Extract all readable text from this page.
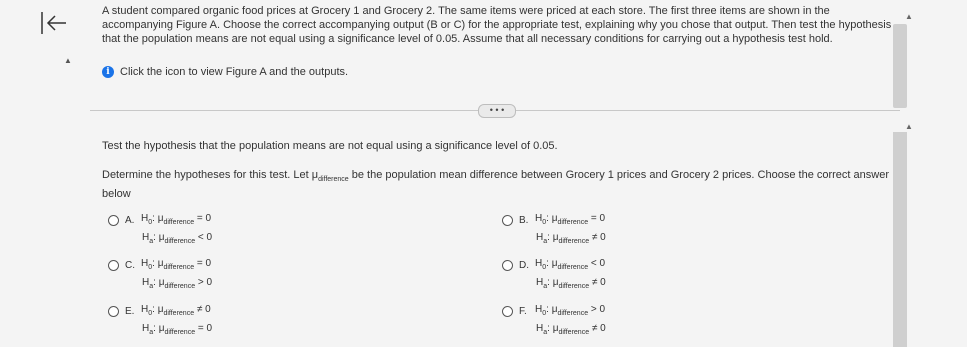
A student compared organic food prices at Grocery 1 and Grocery 2. The same items were priced at each store. The first three items are shown in the accompanying Figure A. Choose the correct accompanying output (B or C) for the appropriate test, explaining why you chose that output. Then test the hypothesis that the population means are not equal using a significance level of 0.05. Assume that all necessary conditions for carrying out a hypothesis test hold.
▲
▲
i Click the icon to view Figure A and the outputs.
• • •
▲
Test the hypothesis that the population means are not equal using a significance level of 0.05.
Determine the hypotheses for this test. Let $\mu_{difference}$ be the population mean difference between Grocery 1 prices and Grocery 2 prices. Choose the correct answer below
A. $H_0$: $\mu_{difference} = 0$
$H_a$: $\mu_{difference} < 0$
B. $H_0$: $\mu_{difference} = 0$
$H_a$: $\mu_{difference} \ne 0$
C. $H_0$: $\mu_{difference} = 0$
$H_a$: $\mu_{difference} > 0$
D. $H_0$: $\mu_{difference} < 0$
$H_a$: $\mu_{difference} \ne 0$
E. $H_0$: $\mu_{difference} \ne 0$
$H_a$: $\mu_{difference} = 0$
F. $H_0$: $\mu_{difference} > 0$
$H_a$: $\mu_{difference} \ne 0$
